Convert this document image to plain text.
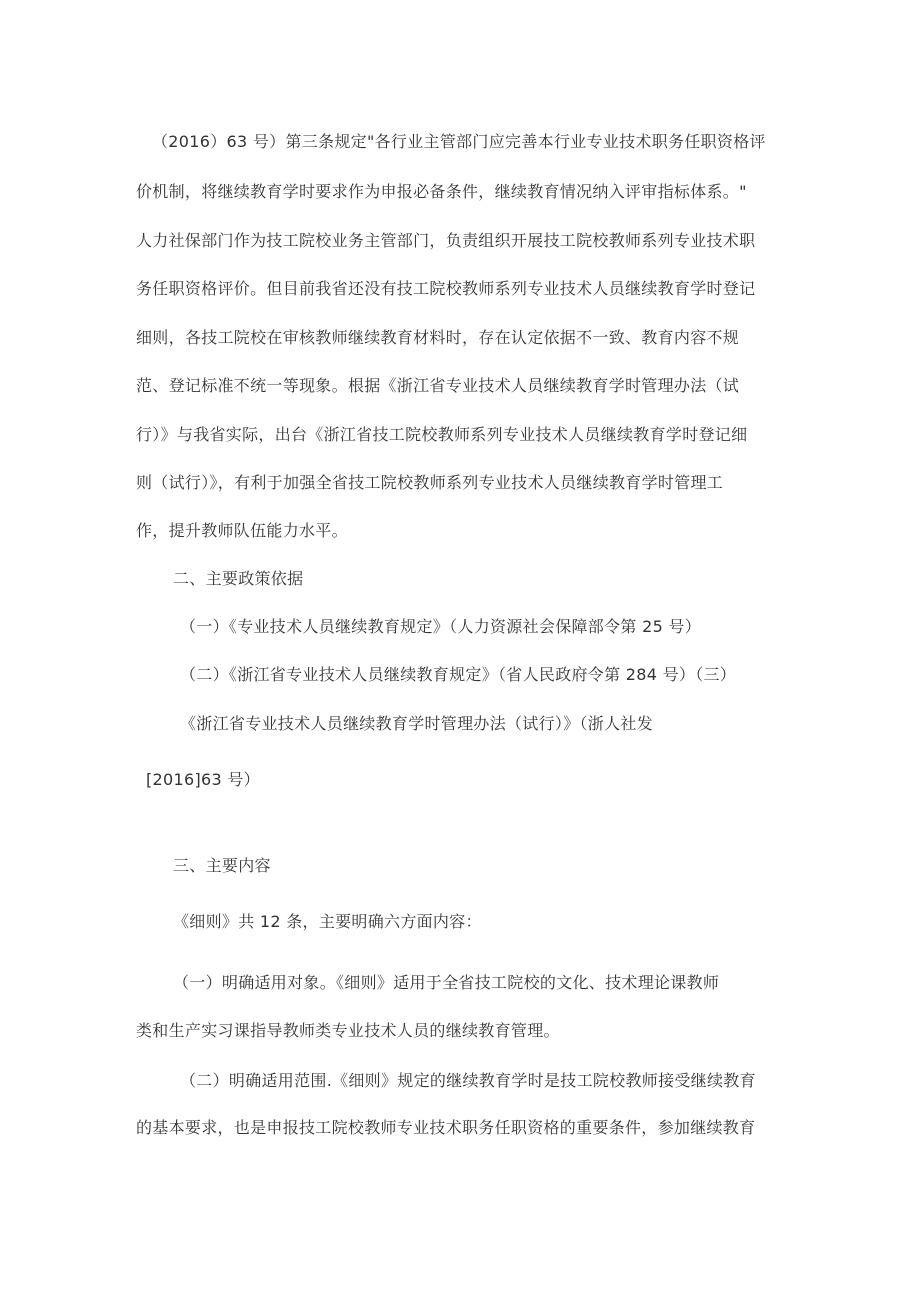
（2016）63 号）第三条规定"各行业主管部门应完善本行业专业技术职务任职资格评
价机制，将继续教育学时要求作为申报必备条件，继续教育情况纳入评审指标体系。"
人力社保部门作为技工院校业务主管部门，负责组织开展技工院校教师系列专业技术职
务任职资格评价。但目前我省还没有技工院校教师系列专业技术人员继续教育学时登记
细则，各技工院校在审核教师继续教育材料时，存在认定依据不一致、教育内容不规
范、登记标准不统一等现象。根据《浙江省专业技术人员继续教育学时管理办法（试
行）》与我省实际，出台《浙江省技工院校教师系列专业技术人员继续教育学时登记细
则（试行）》，有利于加强全省技工院校教师系列专业技术人员继续教育学时管理工
作，提升教师队伍能力水平。
二、主要政策依据
（一）《专业技术人员继续教育规定》（人力资源社会保障部令第 25 号）
（二）《浙江省专业技术人员继续教育规定》（省人民政府令第 284 号）（三）
《浙江省专业技术人员继续教育学时管理办法（试行）》（浙人社发
[2016]63 号）
三、主要内容
《细则》共 12 条，主要明确六方面内容：
（一）明确适用对象。《细则》适用于全省技工院校的文化、技术理论课教师
类和生产实习课指导教师类专业技术人员的继续教育管理。
（二）明确适用范围.《细则》规定的继续教育学时是技工院校教师接受继续教育
的基本要求，也是申报技工院校教师专业技术职务任职资格的重要条件，参加继续教育
